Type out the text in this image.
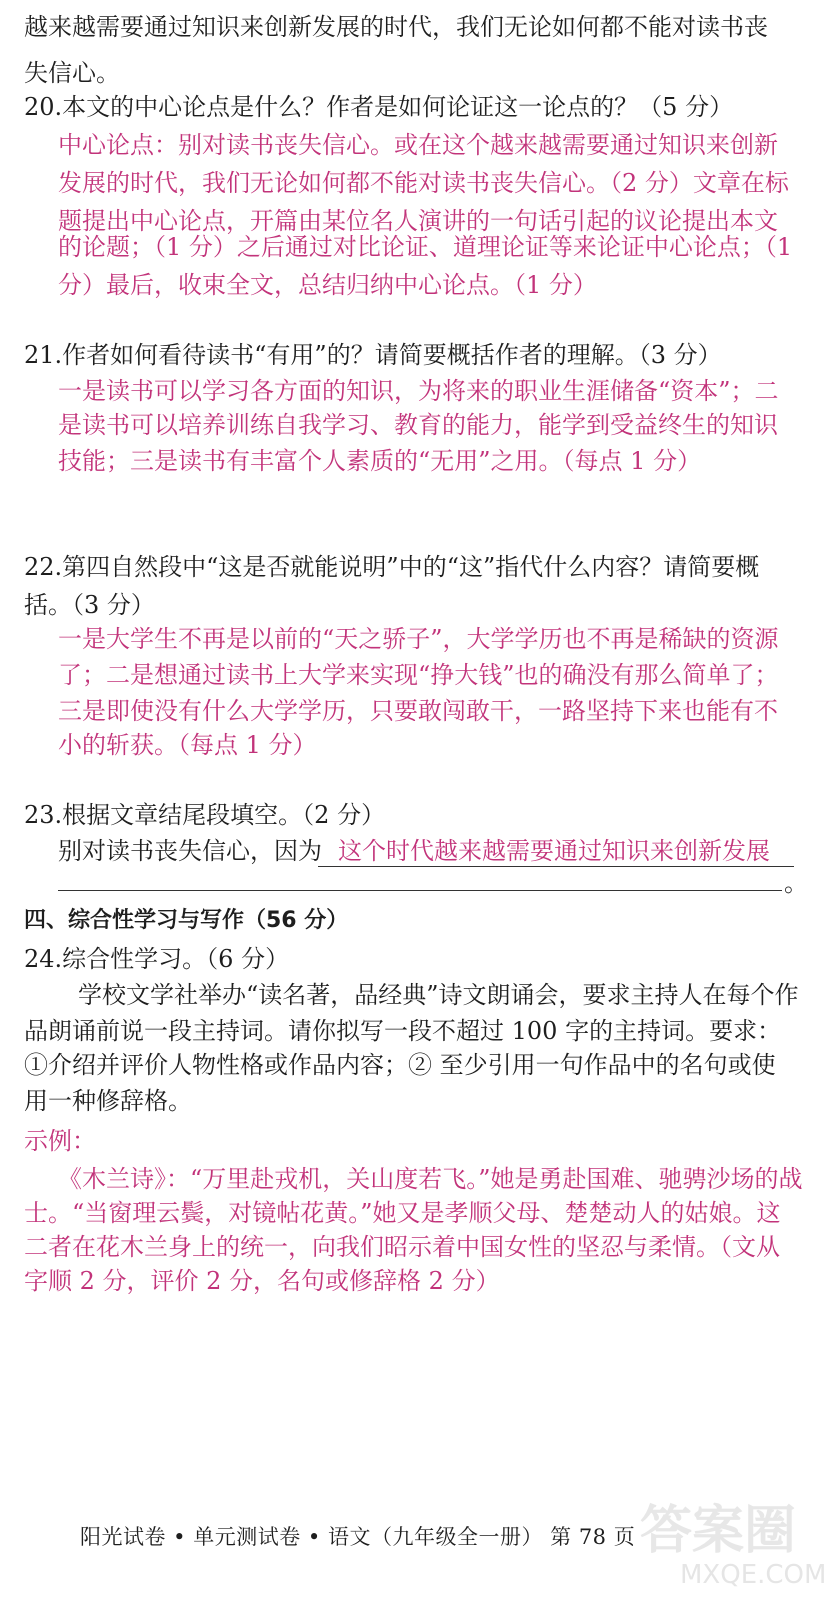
越来越需要通过知识来创新发展的时代，我们无论如何都不能对读书丧
失信心。
20.本文的中心论点是什么？作者是如何论证这一论点的？（5 分）
中心论点：别对读书丧失信心。或在这个越来越需要通过知识来创新
发展的时代，我们无论如何都不能对读书丧失信心。（2 分）文章在标
题提出中心论点，开篇由某位名人演讲的一句话引起的议论提出本文
的论题；（1 分）之后通过对比论证、道理论证等来论证中心论点；（1
分）最后，收束全文，总结归纳中心论点。（1 分）
21.作者如何看待读书“有用”的？请简要概括作者的理解。（3 分）
一是读书可以学习各方面的知识，为将来的职业生涯储备“资本”；二
是读书可以培养训练自我学习、教育的能力，能学到受益终生的知识
技能；三是读书有丰富个人素质的“无用”之用。（每点 1 分）
22.第四自然段中“这是否就能说明”中的“这”指代什么内容？请简要概
括。（3 分）
一是大学生不再是以前的“天之骄子”，大学学历也不再是稀缺的资源
了；二是想通过读书上大学来实现“挣大钱”也的确没有那么简单了；
三是即使没有什么大学学历，只要敢闯敢干，一路坚持下来也能有不
小的斩获。（每点 1 分）
23.根据文章结尾段填空。（2 分）
别对读书丧失信心，因为 这个时代越来越需要通过知识来创新发展
。
四、综合性学习与写作（56 分）
24.综合性学习。（6 分）
学校文学社举办“读名著，品经典”诗文朗诵会，要求主持人在每个作
品朗诵前说一段主持词。请你拟写一段不超过 100 字的主持词。要求：
①介绍并评价人物性格或作品内容；② 至少引用一句作品中的名句或使
用一种修辞格。
示例：
《木兰诗》：“万里赴戎机，关山度若飞。”她是勇赴国难、驰骋沙场的战
士。“当窗理云鬓，对镜帖花黄。”她又是孝顺父母、楚楚动人的姑娘。这
二者在花木兰身上的统一，向我们昭示着中国女性的坚忍与柔情。（文从
字顺 2 分，评价 2 分，名句或修辞格 2 分）
阳光试卷 • 单元测试卷 • 语文（九年级全一册） 第 78 页 答案圈
MXQE.COM
